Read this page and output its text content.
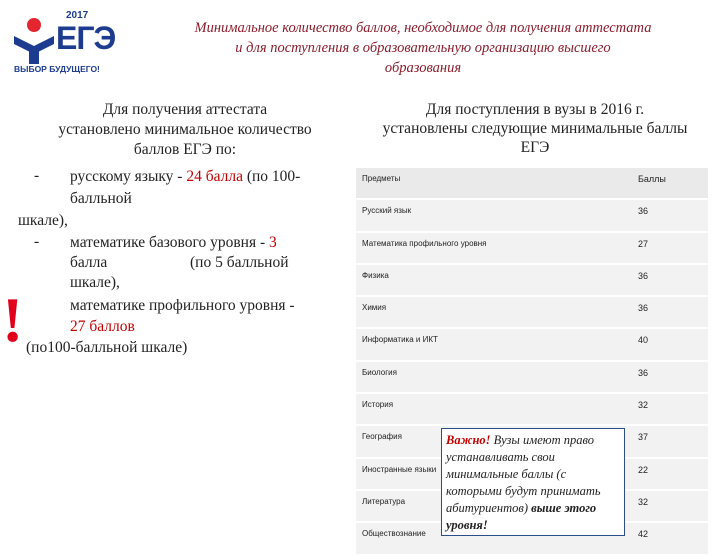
2017
ЕГЭ
ВЫБОР БУДУЩЕГО!
Минимальное количество баллов, необходимое для получения аттестата
и для поступления в образовательную организацию высшего
образования
Для получения аттестата
установлено минимальное количество
баллов ЕГЭ по:
- русскому языку - 24 балла (по 100-
балльной
шкале),
- математике базового уровня - 3
балла	(по 5 балльной
шкале),
математике профильного уровня -
27 баллов
(по100-балльной шкале)
!
Для поступления в вузы в 2016 г.
установлены следующие минимальные баллы
ЕГЭ
Предметы	Баллы
Русский язык	36
Математика профильного уровня	27
Физика	36
Химия	36
Информатика и ИКТ	40
Биология	36
История	32
География	37
Иностранные языки	22
Литература	32
Обществознание	42
Важно! Вузы имеют право устанавливать свои минимальные баллы (с которыми будут принимать абитуриентов) выше этого уровня!
